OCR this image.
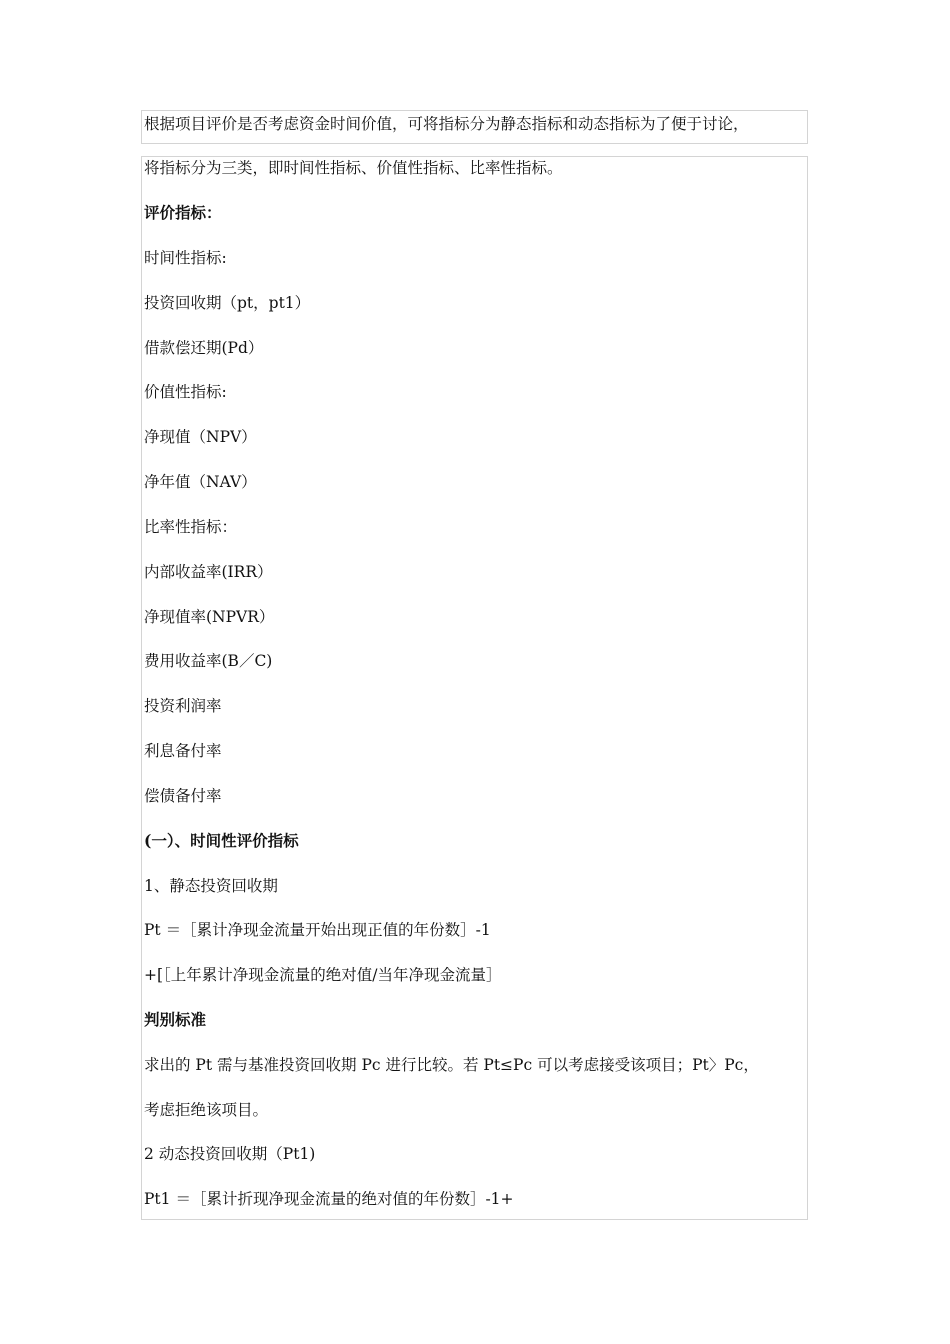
根据项目评价是否考虑资金时间价值，可将指标分为静态指标和动态指标为了便于讨论，
将指标分为三类，即时间性指标、价值性指标、比率性指标。
评价指标：
时间性指标:
投资回收期（pt，pt1）
借款偿还期(Pd）
价值性指标:
净现值（NPV）
净年值（NAV）
比率性指标：
内部收益率(IRR）
净现值率(NPVR）
费用收益率(B／C)
投资利润率
利息备付率
偿债备付率
(一）、时间性评价指标
1、静态投资回收期
Pt ＝［累计净现金流量开始出现正值的年份数］-1
+[［上年累计净现金流量的绝对值/当年净现金流量］
判别标准
求出的 Pt 需与基准投资回收期 Pc 进行比较。若 Pt≤Pc 可以考虑接受该项目；Pt〉Pc，
考虑拒绝该项目。
2 动态投资回收期（Pt1)
Pt1 ＝［累计折现净现金流量的绝对值的年份数］-1+
